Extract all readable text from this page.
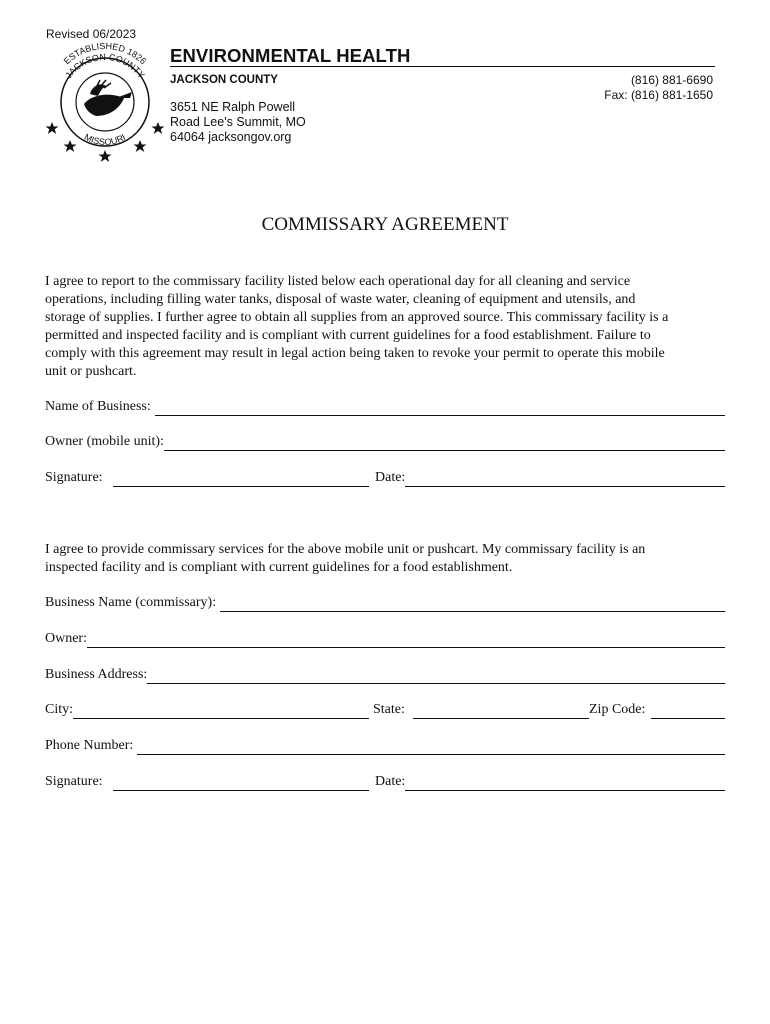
Revised 06/2023
ESTABLISHED 1826
JACKSON COUNTY
MISSOURI
ENVIRONMENTAL HEALTH
JACKSON COUNTY	(816) 881-6690
Fax: (816) 881-1650
3651 NE Ralph Powell
Road Lee's Summit, MO
64064 jacksongov.org
COMMISSARY AGREEMENT
I agree to report to the commissary facility listed below each operational day for all cleaning and service
operations, including filling water tanks, disposal of waste water, cleaning of equipment and utensils, and
storage of supplies. I further agree to obtain all supplies from an approved source. This commissary facility is a
permitted and inspected facility and is compliant with current guidelines for a food establishment. Failure to
comply with this agreement may result in legal action being taken to revoke your permit to operate this mobile
unit or pushcart.
Name of Business:
Owner (mobile unit):
Signature:	Date:
I agree to provide commissary services for the above mobile unit or pushcart. My commissary facility is an
inspected facility and is compliant with current guidelines for a food establishment.
Business Name (commissary):
Owner:
Business Address:
City:	State:	Zip Code:
Phone Number:
Signature:	Date:
